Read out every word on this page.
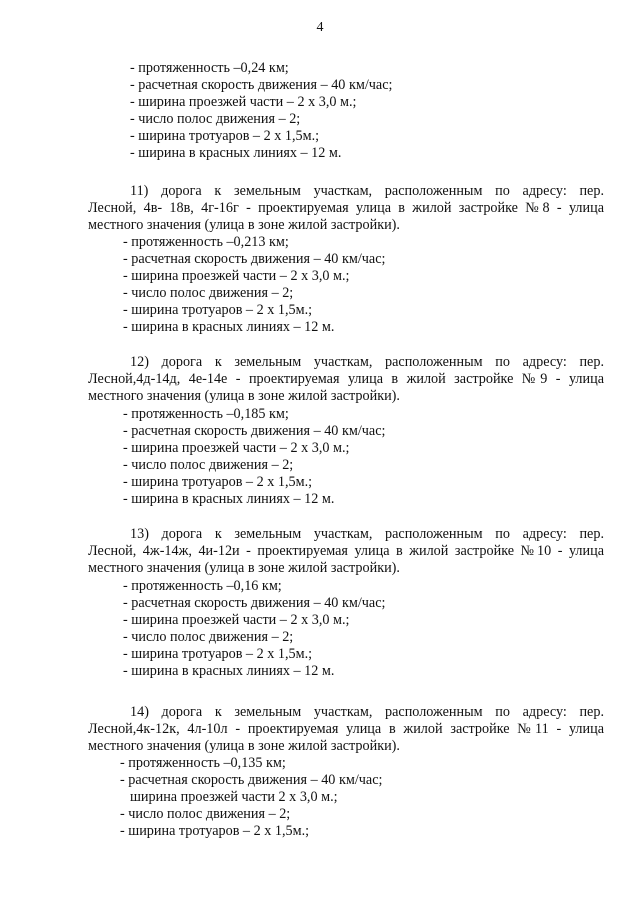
4
- протяженность –0,24 км;
- расчетная скорость движения – 40 км/час;
- ширина проезжей части – 2 х 3,0 м.;
- число полос движения – 2;
- ширина тротуаров – 2 х 1,5м.;
- ширина в красных линиях – 12 м.
11) дорога к земельным участкам, расположенным по адресу: пер.
Лесной, 4в- 18в, 4г-16г - проектируемая улица в жилой застройке №8 - улица
местного значения (улица в зоне жилой застройки).
- протяженность –0,213 км;
- расчетная скорость движения – 40 км/час;
- ширина проезжей части – 2 х 3,0 м.;
- число полос движения – 2;
- ширина тротуаров – 2 х 1,5м.;
- ширина в красных линиях – 12 м.
12) дорога к земельным участкам, расположенным по адресу: пер.
Лесной,4д-14д, 4е-14е - проектируемая улица в жилой застройке №9 - улица
местного значения (улица в зоне жилой застройки).
- протяженность –0,185 км;
- расчетная скорость движения – 40 км/час;
- ширина проезжей части – 2 х 3,0 м.;
- число полос движения – 2;
- ширина тротуаров – 2 х 1,5м.;
- ширина в красных линиях – 12 м.
13) дорога к земельным участкам, расположенным по адресу: пер.
Лесной, 4ж-14ж, 4и-12и - проектируемая улица в жилой застройке №10 - улица
местного значения (улица в зоне жилой застройки).
- протяженность –0,16 км;
- расчетная скорость движения – 40 км/час;
- ширина проезжей части – 2 х 3,0 м.;
- число полос движения – 2;
- ширина тротуаров – 2 х 1,5м.;
- ширина в красных линиях – 12 м.
14) дорога к земельным участкам, расположенным по адресу: пер.
Лесной,4к-12к, 4л-10л - проектируемая улица в жилой застройке №11 - улица
местного значения (улица в зоне жилой застройки).
- протяженность –0,135 км;
- расчетная скорость движения – 40 км/час;
ширина проезжей части 2 х 3,0 м.;
- число полос движения – 2;
- ширина тротуаров – 2 х 1,5м.;
